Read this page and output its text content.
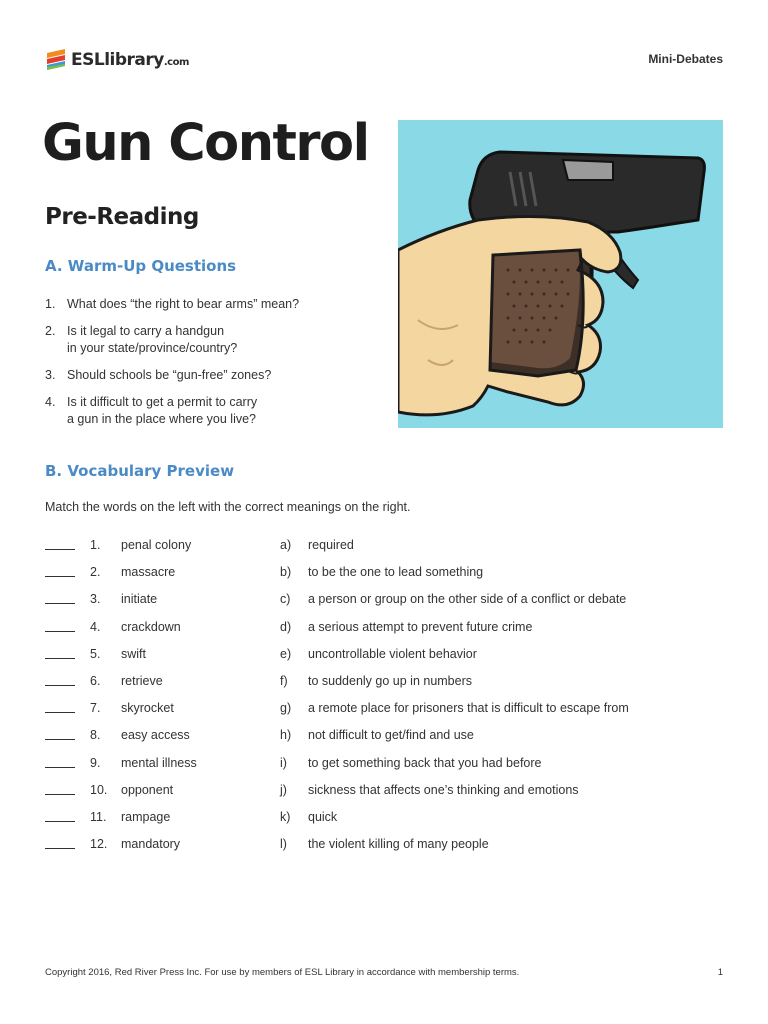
ESLlibrary.com	Mini-Debates
Gun Control
Pre-Reading
A. Warm-Up Questions
1. What does “the right to bear arms” mean?
2. Is it legal to carry a handgun
in your state/province/country?
3. Should schools be “gun-free” zones?
4. Is it difficult to get a permit to carry
a gun in the place where you live?
B. Vocabulary Preview
Match the words on the left with the correct meanings on the right.
1. penal colony	a) required
2. massacre	b) to be the one to lead something
3. initiate	c) a person or group on the other side of a conflict or debate
4. crackdown	d) a serious attempt to prevent future crime
5. swift	e) uncontrollable violent behavior
6. retrieve	f) to suddenly go up in numbers
7. skyrocket	g) a remote place for prisoners that is difficult to escape from
8. easy access	h) not difficult to get/find and use
9. mental illness	i) to get something back that you had before
10. opponent	j) sickness that affects one’s thinking and emotions
11. rampage	k) quick
12. mandatory	l) the violent killing of many people
Copyright 2016, Red River Press Inc. For use by members of ESL Library in accordance with membership terms.	1
